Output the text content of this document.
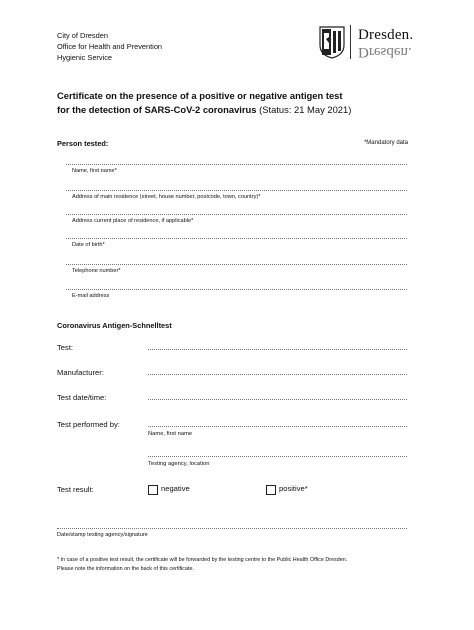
City of Dresden
Office for Health and Prevention
Hygienic Service
Dresden.
Dresden.
Certificate on the presence of a positive or negative antigen test
for the detection of SARS-CoV-2 coronavirus (Status: 21 May 2021)
Person tested:	*Mandatory data
Name, first name*
Address of main residence (street, house number, postcode, town, country)*
Address current place of residence, if applicable*
Date of birth*
Telephone number*
E-mail address
Coronavirus Antigen-Schnelltest
Test:
Manufacturer:
Test date/time:
Test performed by:
Name, first name
Testing agency, location
Test result:	negative	positive*
Date/stamp testing agency/signature
* In case of a positive test result, the certificate will be forwarded by the testing centre to the Public Health Office Dresden.
Please note the information on the back of this certificate.
